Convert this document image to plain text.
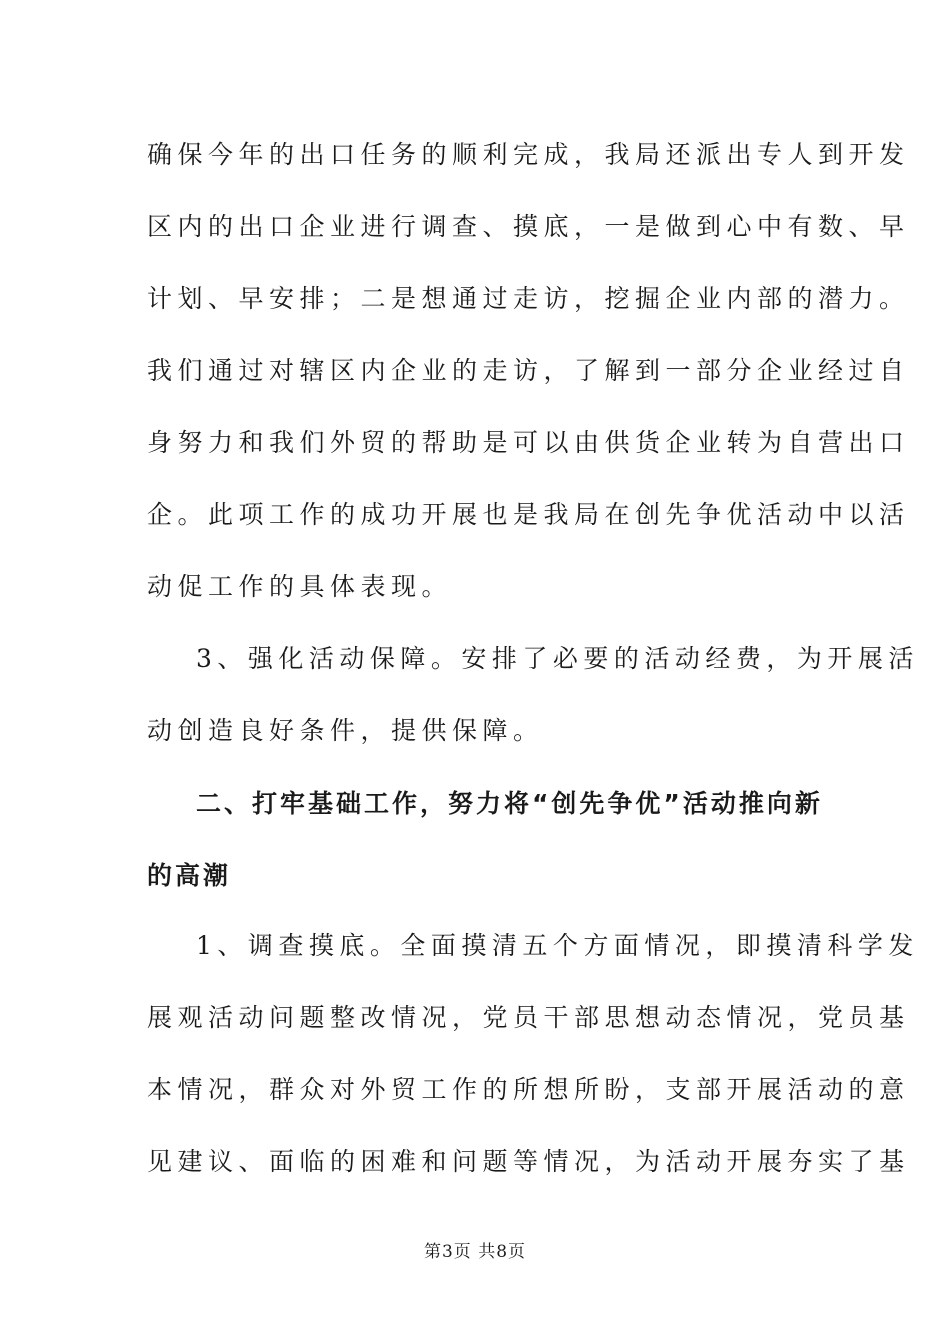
确保今年的出口任务的顺利完成，我局还派出专人到开发
区内的出口企业进行调查、摸底，一是做到心中有数、早
计划、早安排；二是想通过走访，挖掘企业内部的潜力。
我们通过对辖区内企业的走访，了解到一部分企业经过自
身努力和我们外贸的帮助是可以由供货企业转为自营出口
企。此项工作的成功开展也是我局在创先争优活动中以活
动促工作的具体表现。
3、强化活动保障。安排了必要的活动经费，为开展活
动创造良好条件，提供保障。
二、打牢基础工作，努力将“创先争优”活动推向新
的高潮
1、调查摸底。全面摸清五个方面情况，即摸清科学发
展观活动问题整改情况，党员干部思想动态情况，党员基
本情况，群众对外贸工作的所想所盼，支部开展活动的意
见建议、面临的困难和问题等情况，为活动开展夯实了基
第3页 共8页
